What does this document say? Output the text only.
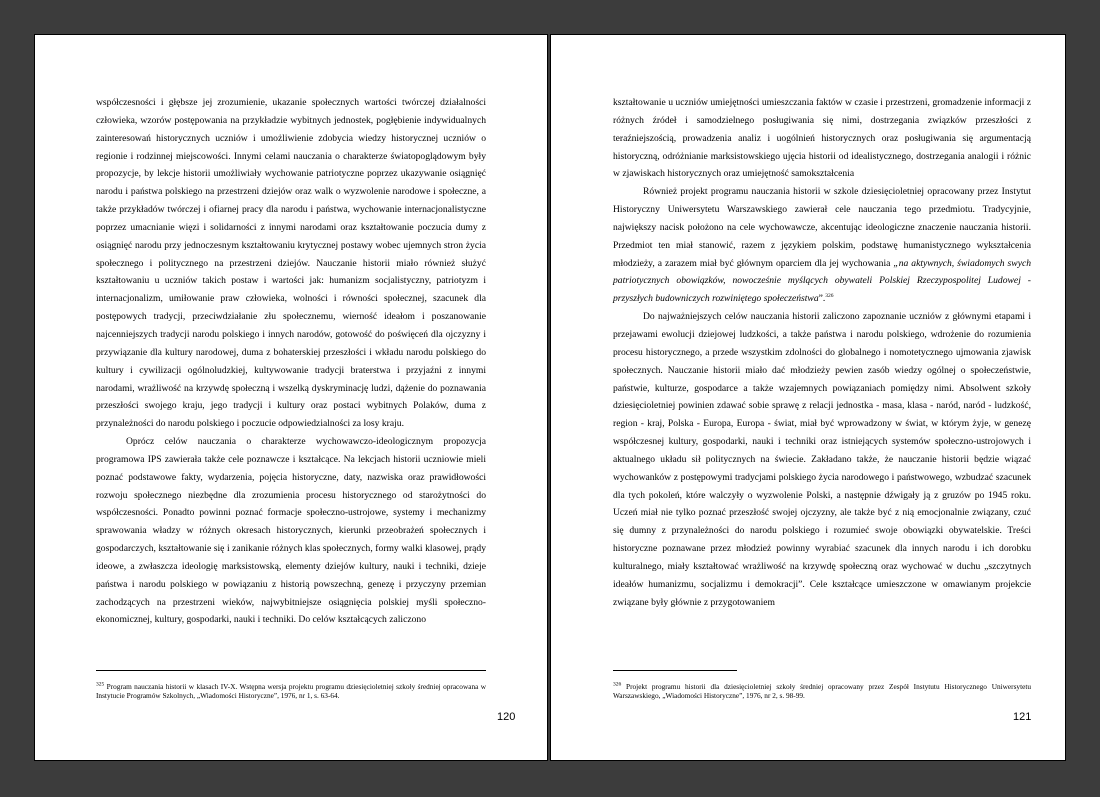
współczesności i głębsze jej zrozumienie, ukazanie społecznych wartości twórczej działalności człowieka, wzorów postępowania na przykładzie wybitnych jednostek, pogłębienie indywidualnych zainteresowań historycznych uczniów i umożliwienie zdobycia wiedzy historycznej uczniów o regionie i rodzinnej miejscowości. Innymi celami nauczania o charakterze światopoglądowym były propozycje, by lekcje historii umożliwiały wychowanie patriotyczne poprzez ukazywanie osiągnięć narodu i państwa polskiego na przestrzeni dziejów oraz walk o wyzwolenie narodowe i społeczne, a także przykładów twórczej i ofiarnej pracy dla narodu i państwa, wychowanie internacjonalistyczne poprzez umacnianie więzi i solidarności z innymi narodami oraz kształtowanie poczucia dumy z osiągnięć narodu przy jednoczesnym kształtowaniu krytycznej postawy wobec ujemnych stron życia społecznego i politycznego na przestrzeni dziejów. Nauczanie historii miało również służyć kształtowaniu u uczniów takich postaw i wartości jak: humanizm socjalistyczny, patriotyzm i internacjonalizm, umiłowanie praw człowieka, wolności i równości społecznej, szacunek dla postępowych tradycji, przeciwdziałanie złu społecznemu, wierność ideałom i poszanowanie najcenniejszych tradycji narodu polskiego i innych narodów, gotowość do poświęceń dla ojczyzny i przywiązanie dla kultury narodowej, duma z bohaterskiej przeszłości i wkładu narodu polskiego do kultury i cywilizacji ogólnoludzkiej, kultywowanie tradycji braterstwa i przyjaźni z innymi narodami, wrażliwość na krzywdę społeczną i wszelką dyskryminację ludzi, dążenie do poznawania przeszłości swojego kraju, jego tradycji i kultury oraz postaci wybitnych Polaków, duma z przynależności do narodu polskiego i poczucie odpowiedzialności za losy kraju.

Oprócz celów nauczania o charakterze wychowawczo-ideologicznym propozycja programowa IPS zawierała także cele poznawcze i kształcące. Na lekcjach historii uczniowie mieli poznać podstawowe fakty, wydarzenia, pojęcia historyczne, daty, nazwiska oraz prawidłowości rozwoju społecznego niezbędne dla zrozumienia procesu historycznego od starożytności do współczesności. Ponadto powinni poznać formacje społeczno-ustrojowe, systemy i mechanizmy sprawowania władzy w różnych okresach historycznych, kierunki przeobrażeń społecznych i gospodarczych, kształtowanie się i zanikanie różnych klas społecznych, formy walki klasowej, prądy ideowe, a zwłaszcza ideologię marksistowską, elementy dziejów kultury, nauki i techniki, dzieje państwa i narodu polskiego w powiązaniu z historią powszechną, genezę i przyczyny przemian zachodzących na przestrzeni wieków, najwybitniejsze osiągnięcia polskiej myśli społeczno-ekonomicznej, kultury, gospodarki, nauki i techniki. Do celów kształcących zaliczono

$^{325}$ Program nauczania historii w klasach IV-X. Wstępna wersja projektu programu dziesięcioletniej szkoły średniej opracowana w Instytucie Programów Szkolnych, „Wiadomości Historyczne”, 1976, nr 1, s. 63-64.

120

kształtowanie u uczniów umiejętności umieszczania faktów w czasie i przestrzeni, gromadzenie informacji z różnych źródeł i samodzielnego posługiwania się nimi, dostrzegania związków przeszłości z teraźniejszością, prowadzenia analiz i uogólnień historycznych oraz posługiwania się argumentacją historyczną, odróżnianie marksistowskiego ujęcia historii od idealistycznego, dostrzegania analogii i różnic w zjawiskach historycznych oraz umiejętność samokształcenia

Również projekt programu nauczania historii w szkole dziesięcioletniej opracowany przez Instytut Historyczny Uniwersytetu Warszawskiego zawierał cele nauczania tego przedmiotu. Tradycyjnie, największy nacisk położono na cele wychowawcze, akcentując ideologiczne znaczenie nauczania historii. Przedmiot ten miał stanowić, razem z językiem polskim, podstawę humanistycznego wykształcenia młodzieży, a zarazem miał być głównym oparciem dla jej wychowania „na aktywnych, świadomych swych patriotycznych obowiązków, nowocześnie myślących obywateli Polskiej Rzeczypospolitej Ludowej - przyszłych budowniczych rozwiniętego społeczeństwa”.$^{326}$

Do najważniejszych celów nauczania historii zaliczono zapoznanie uczniów z głównymi etapami i przejawami ewolucji dziejowej ludzkości, a także państwa i narodu polskiego, wdrożenie do rozumienia procesu historycznego, a przede wszystkim zdolności do globalnego i nomotetycznego ujmowania zjawisk społecznych. Nauczanie historii miało dać młodzieży pewien zasób wiedzy ogólnej o społeczeństwie, państwie, kulturze, gospodarce a także wzajemnych powiązaniach pomiędzy nimi. Absolwent szkoły dziesięcioletniej powinien zdawać sobie sprawę z relacji jednostka - masa, klasa - naród, naród - ludzkość, region - kraj, Polska - Europa, Europa - świat, miał być wprowadzony w świat, w którym żyje, w genezę współczesnej kultury, gospodarki, nauki i techniki oraz istniejących systemów społeczno-ustrojowych i aktualnego układu sił politycznych na świecie. Zakładano także, że nauczanie historii będzie wiązać wychowanków z postępowymi tradycjami polskiego życia narodowego i państwowego, wzbudzać szacunek dla tych pokoleń, które walczyły o wyzwolenie Polski, a następnie dźwigały ją z gruzów po 1945 roku. Uczeń miał nie tylko poznać przeszłość swojej ojczyzny, ale także być z nią emocjonalnie związany, czuć się dumny z przynależności do narodu polskiego i rozumieć swoje obowiązki obywatelskie. Treści historyczne poznawane przez młodzież powinny wyrabiać szacunek dla innych narodu i ich dorobku kulturalnego, miały kształtować wrażliwość na krzywdę społeczną oraz wychować w duchu „szczytnych ideałów humanizmu, socjalizmu i demokracji”. Cele kształcące umieszczone w omawianym projekcie związane były głównie z przygotowaniem

$^{326}$ Projekt programu historii dla dziesięcioletniej szkoły średniej opracowany przez Zespół Instytutu Historycznego Uniwersytetu Warszawskiego, „Wiadomości Historyczne”, 1976, nr 2, s. 98-99.

121
